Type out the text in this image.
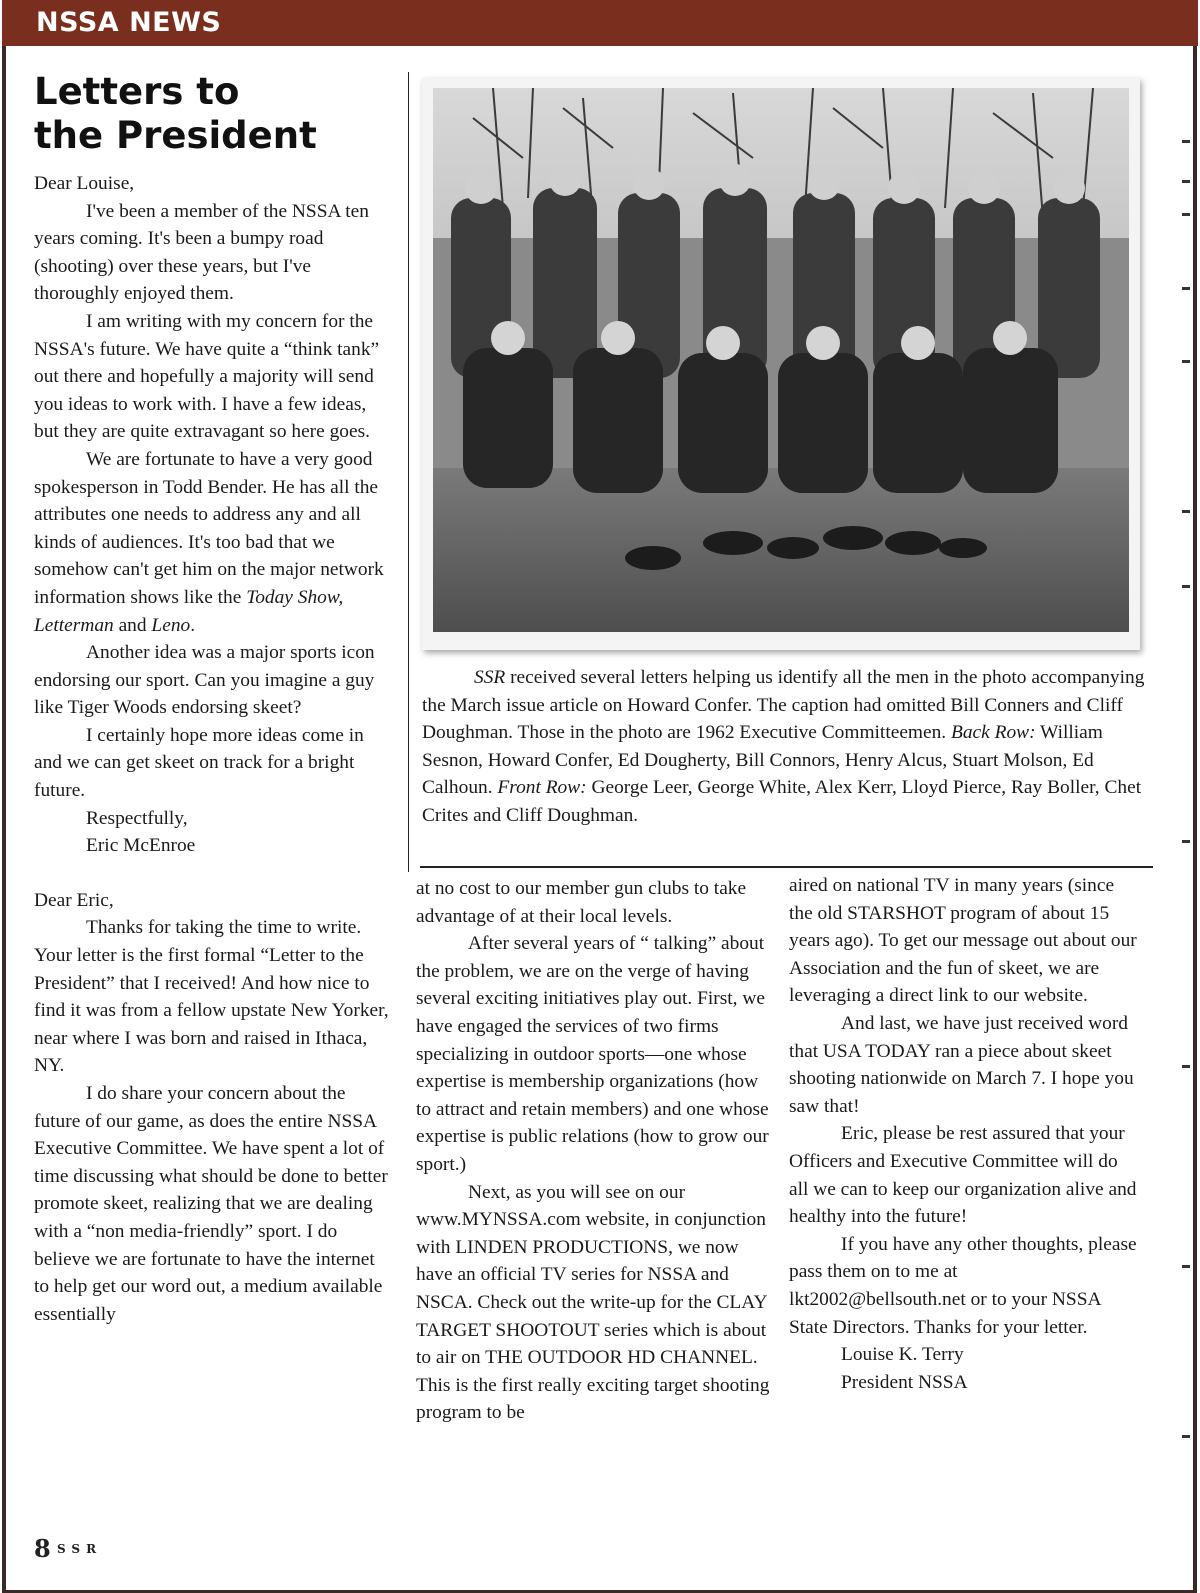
NSSA NEWS
Letters to
the President

Dear Louise,

I've been a member of the NSSA ten years coming. It's been a bumpy road (shooting) over these years, but I've thoroughly enjoyed them.

I am writing with my concern for the NSSA's future. We have quite a “think tank” out there and hopefully a majority will send you ideas to work with. I have a few ideas, but they are quite extravagant so here goes.

We are fortunate to have a very good spokesperson in Todd Bender. He has all the attributes one needs to address any and all kinds of audiences. It's too bad that we somehow can't get him on the major network information shows like the Today Show, Letterman and Leno.

Another idea was a major sports icon endorsing our sport. Can you imagine a guy like Tiger Woods endorsing skeet?

I certainly hope more ideas come in and we can get skeet on track for a bright future.

Respectfully,

Eric McEnroe

Dear Eric,

Thanks for taking the time to write. Your letter is the first formal “Letter to the President” that I received! And how nice to find it was from a fellow upstate New Yorker, near where I was born and raised in Ithaca, NY.

I do share your concern about the future of our game, as does the entire NSSA Executive Committee. We have spent a lot of time discussing what should be done to better promote skeet, realizing that we are dealing with a “non media-friendly” sport. I do believe we are fortunate to have the internet to help get our word out, a medium available essentially

SSR received several letters helping us identify all the men in the photo accompanying the March issue article on Howard Confer. The caption had omitted Bill Conners and Cliff Doughman. Those in the photo are 1962 Executive Committeemen. Back Row: William Sesnon, Howard Confer, Ed Dougherty, Bill Connors, Henry Alcus, Stuart Molson, Ed Calhoun. Front Row: George Leer, George White, Alex Kerr, Lloyd Pierce, Ray Boller, Chet Crites and Cliff Doughman.

at no cost to our member gun clubs to take advantage of at their local levels.

After several years of “ talking” about the problem, we are on the verge of having several exciting initiatives play out. First, we have engaged the services of two firms specializing in outdoor sports—one whose expertise is membership organizations (how to attract and retain members) and one whose expertise is public relations (how to grow our sport.)

Next, as you will see on our www.MYNSSA.com website, in conjunction with LINDEN PRODUCTIONS, we now have an official TV series for NSSA and NSCA. Check out the write-up for the CLAY TARGET SHOOTOUT series which is about to air on THE OUTDOOR HD CHANNEL. This is the first really exciting target shooting program to be

aired on national TV in many years (since the old STARSHOT program of about 15 years ago). To get our message out about our Association and the fun of skeet, we are leveraging a direct link to our website.

And last, we have just received word that USA TODAY ran a piece about skeet shooting nationwide on March 7. I hope you saw that!

Eric, please be rest assured that your Officers and Executive Committee will do all we can to keep our organization alive and healthy into the future!

If you have any other thoughts, please pass them on to me at lkt2002@bellsouth.net or to your NSSA State Directors. Thanks for your letter.

Louise K. Terry

President NSSA

8 SSR
